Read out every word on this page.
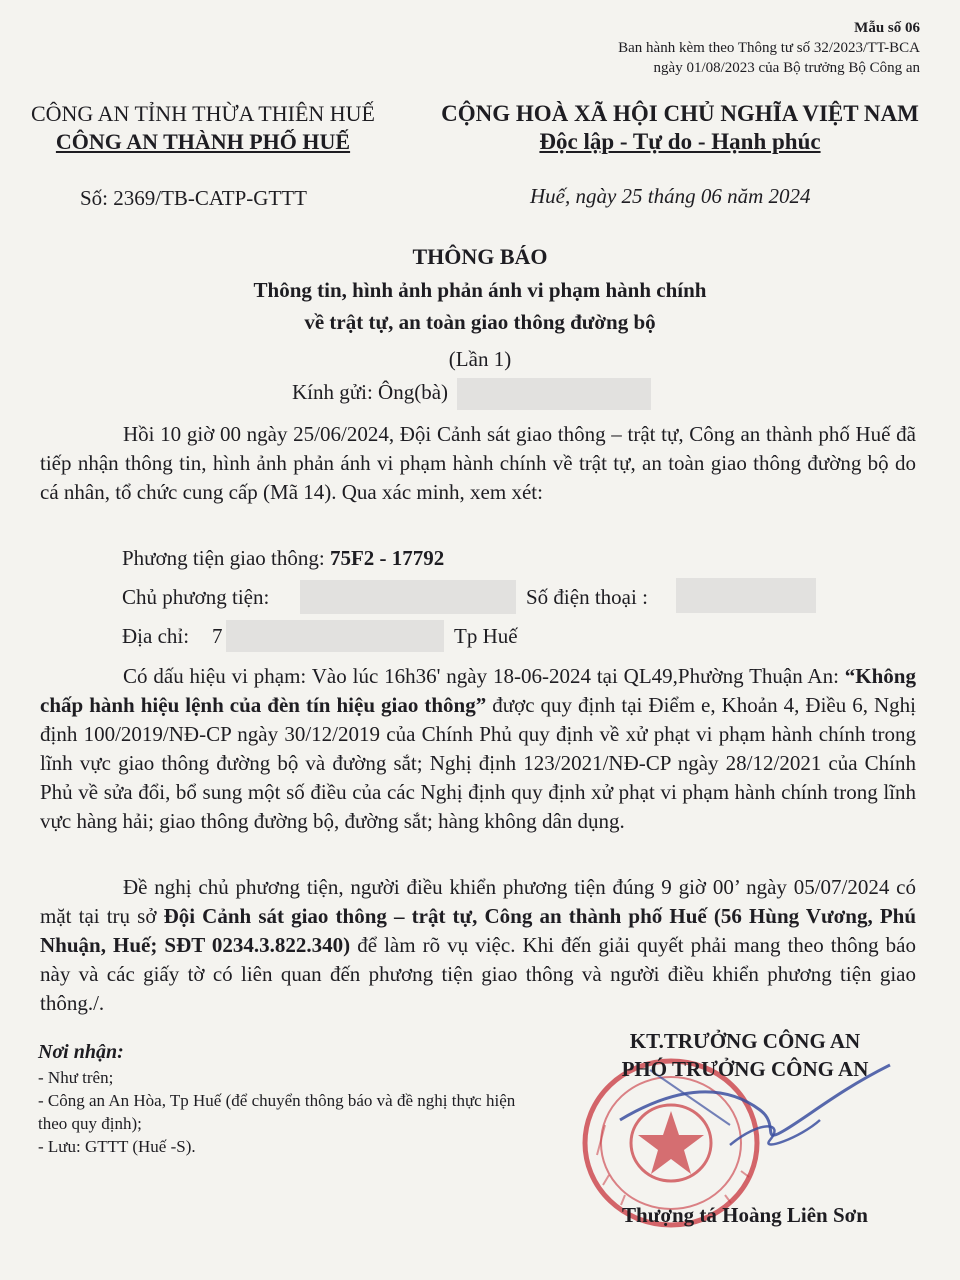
Mẫu số 06
Ban hành kèm theo Thông tư số 32/2023/TT-BCA
ngày 01/08/2023 của Bộ trưởng Bộ Công an
CÔNG AN TỈNH THỪA THIÊN HUẾ
CÔNG AN THÀNH PHỐ HUẾ
Số: 2369/TB-CATP-GTTT
CỘNG HOÀ XÃ HỘI CHỦ NGHĨA VIỆT NAM
Độc lập - Tự do - Hạnh phúc
Huế, ngày 25 tháng 06 năm 2024
THÔNG BÁO
Thông tin, hình ảnh phản ánh vi phạm hành chính
về trật tự, an toàn giao thông đường bộ
(Lần 1)
Kính gửi: Ông(bà)
Hồi 10 giờ 00 ngày 25/06/2024, Đội Cảnh sát giao thông – trật tự, Công an thành phố Huế đã tiếp nhận thông tin, hình ảnh phản ánh vi phạm hành chính về trật tự, an toàn giao thông đường bộ do cá nhân, tổ chức cung cấp (Mã 14). Qua xác minh, xem xét:
Phương tiện giao thông: 75F2 - 17792
Chủ phương tiện:	Số điện thoại :
Địa chỉ: 7	Tp Huế
Có dấu hiệu vi phạm: Vào lúc 16h36' ngày 18-06-2024 tại QL49,Phường Thuận An: “Không chấp hành hiệu lệnh của đèn tín hiệu giao thông” được quy định tại Điểm e, Khoản 4, Điều 6, Nghị định 100/2019/NĐ-CP ngày 30/12/2019 của Chính Phủ quy định về xử phạt vi phạm hành chính trong lĩnh vực giao thông đường bộ và đường sắt; Nghị định 123/2021/NĐ-CP ngày 28/12/2021 của Chính Phủ về sửa đổi, bổ sung một số điều của các Nghị định quy định xử phạt vi phạm hành chính trong lĩnh vực hàng hải; giao thông đường bộ, đường sắt; hàng không dân dụng.
Đề nghị chủ phương tiện, người điều khiển phương tiện đúng 9 giờ 00’ ngày 05/07/2024 có mặt tại trụ sở Đội Cảnh sát giao thông – trật tự, Công an thành phố Huế (56 Hùng Vương, Phú Nhuận, Huế; SĐT 0234.3.822.340) để làm rõ vụ việc. Khi đến giải quyết phải mang theo thông báo này và các giấy tờ có liên quan đến phương tiện giao thông và người điều khiển phương tiện giao thông./.
Nơi nhận:
- Như trên;
- Công an An Hòa, Tp Huế (để chuyển thông báo và đề nghị thực hiện theo quy định);
- Lưu: GTTT (Huế -S).
KT.TRƯỞNG CÔNG AN
PHÓ TRƯỞNG CÔNG AN
Thượng tá Hoàng Liên Sơn
